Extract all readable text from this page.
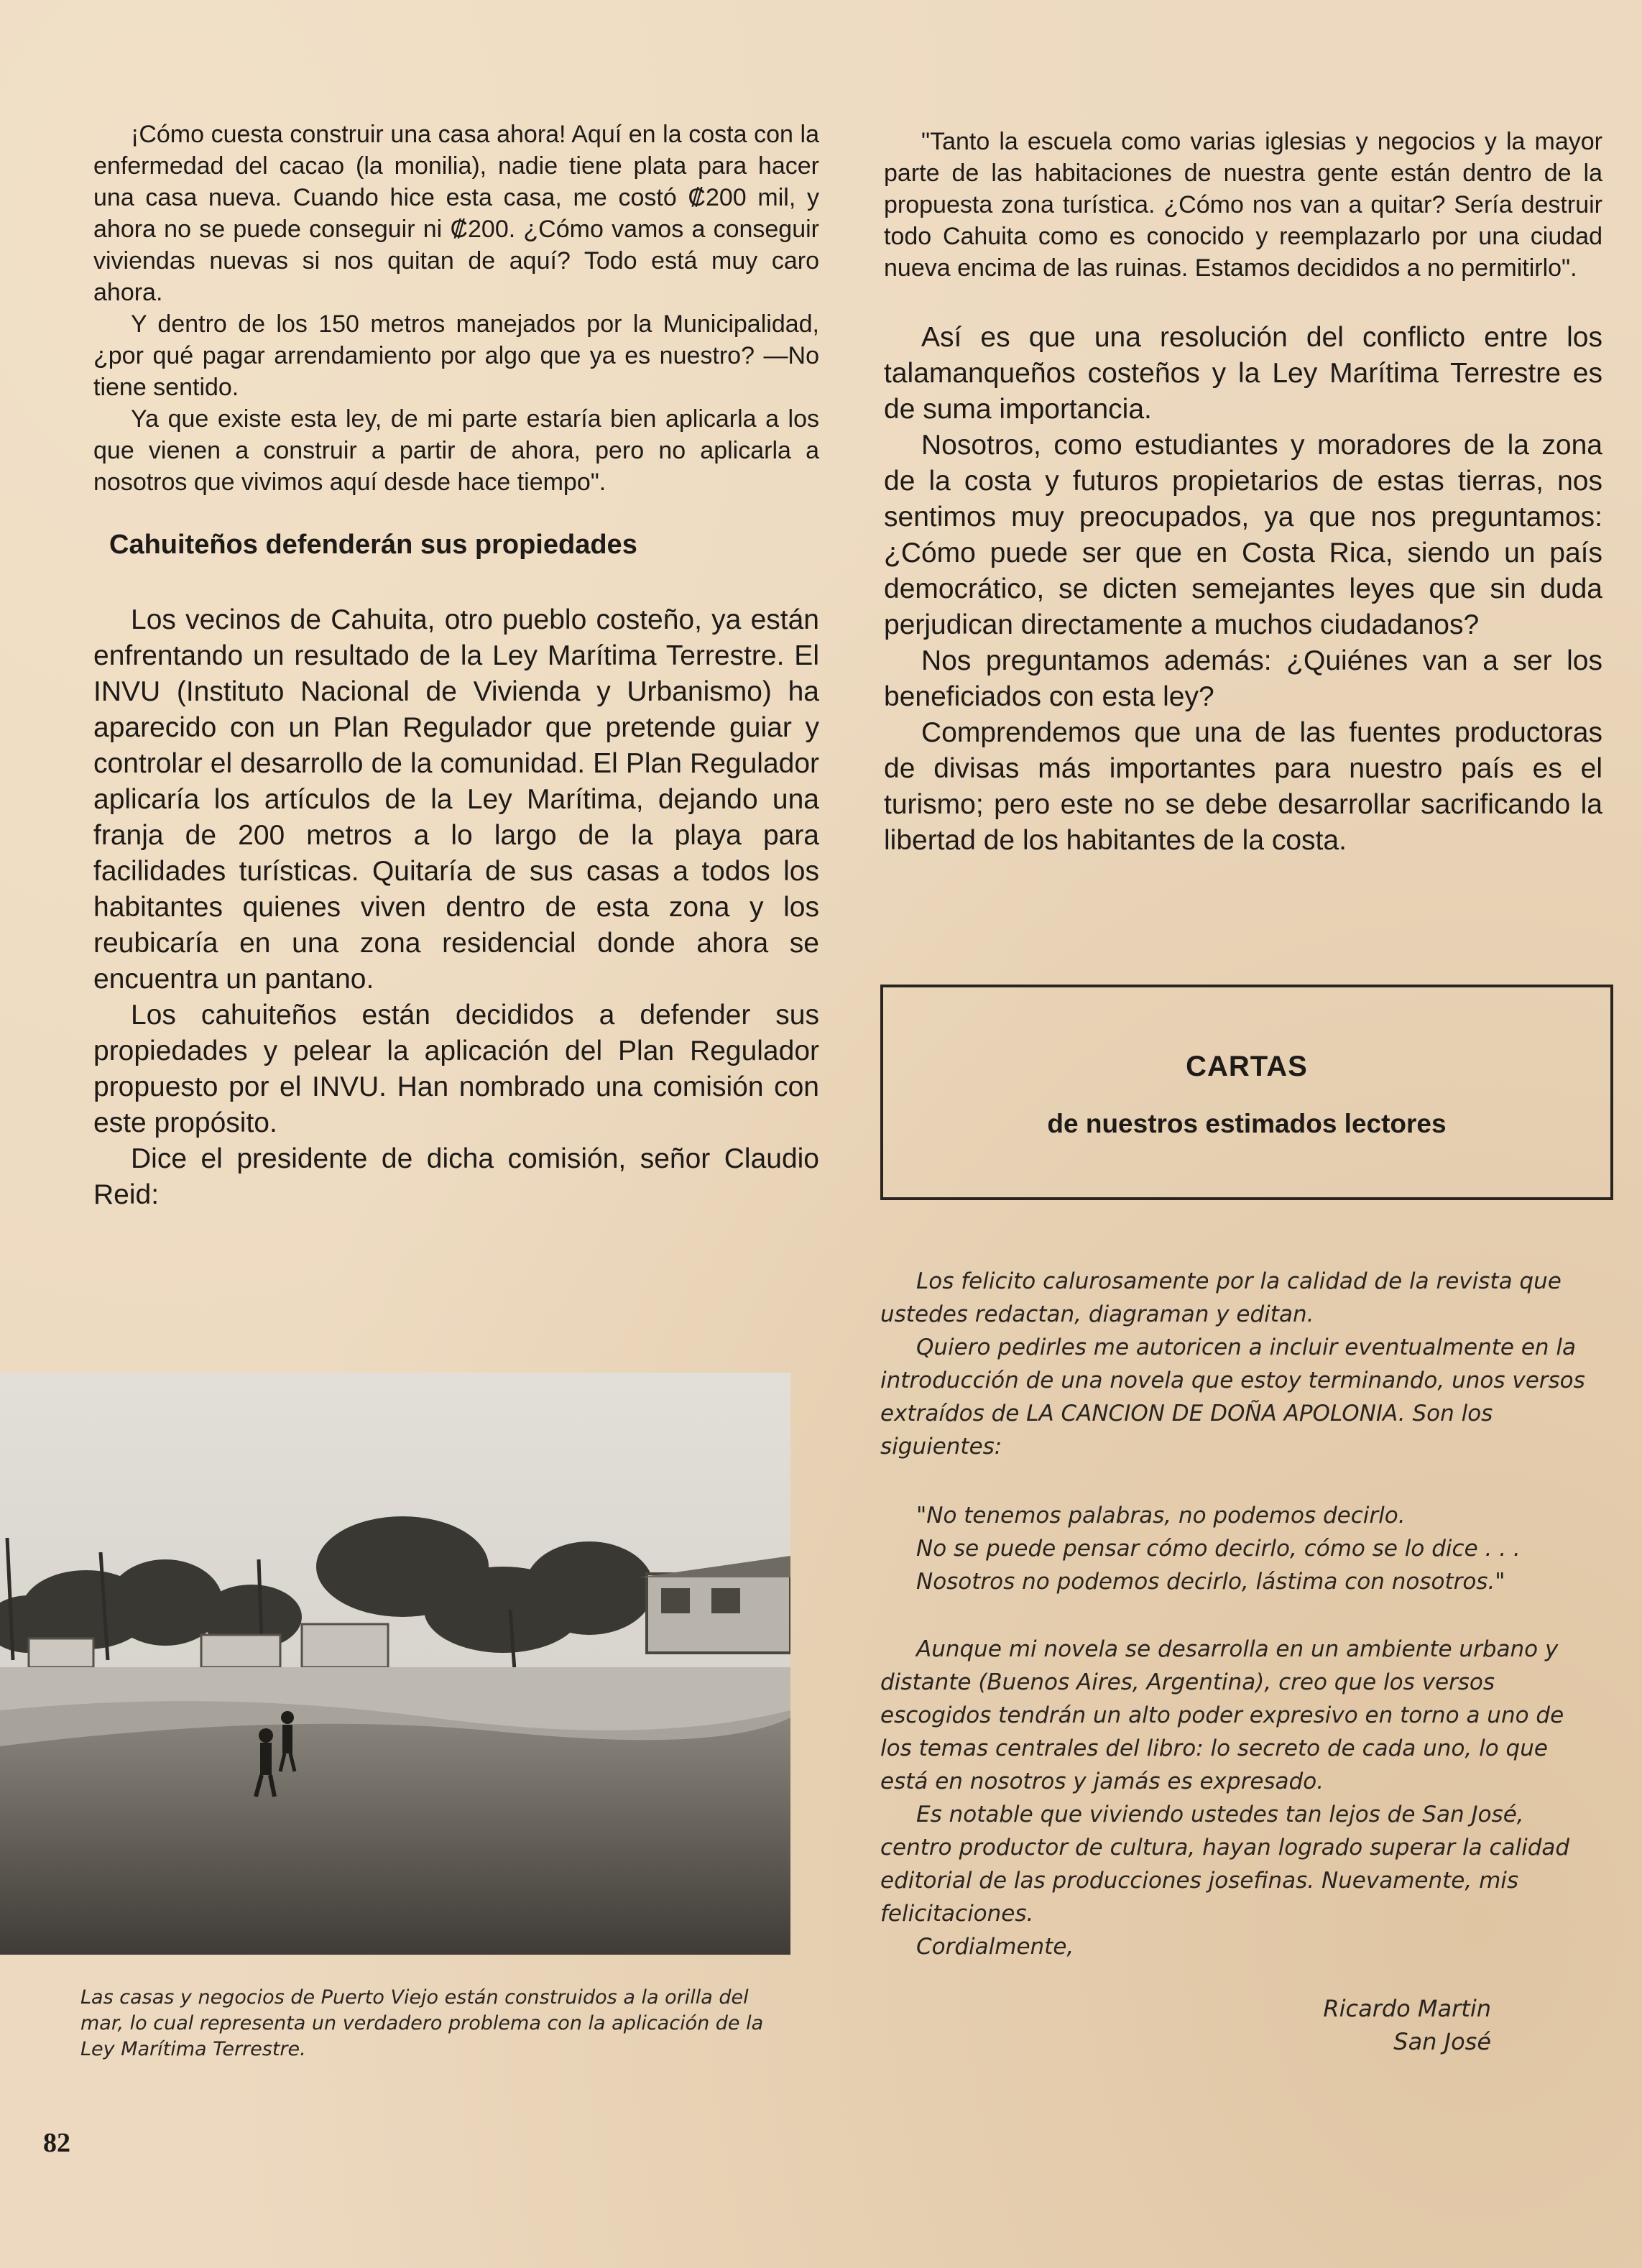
¡Cómo cuesta construir una casa ahora! Aquí en la costa con la enfermedad del cacao (la monilia), nadie tiene plata para hacer una casa nueva. Cuando hice esta casa, me costó ₡200 mil, y ahora no se puede conseguir ni ₡200. ¿Cómo vamos a conseguir viviendas nuevas si nos quitan de aquí? Todo está muy caro ahora.

Y dentro de los 150 metros manejados por la Municipalidad, ¿por qué pagar arrendamiento por algo que ya es nuestro? —No tiene sentido.

Ya que existe esta ley, de mi parte estaría bien aplicarla a los que vienen a construir a partir de ahora, pero no aplicarla a nosotros que vivimos aquí desde hace tiempo".

Cahuiteños defenderán sus propiedades

Los vecinos de Cahuita, otro pueblo costeño, ya están enfrentando un resultado de la Ley Marítima Terrestre. El INVU (Instituto Nacional de Vivienda y Urbanismo) ha aparecido con un Plan Regulador que pretende guiar y controlar el desarrollo de la comunidad. El Plan Regulador aplicaría los artículos de la Ley Marítima, dejando una franja de 200 metros a lo largo de la playa para facilidades turísticas. Quitaría de sus casas a todos los habitantes quienes viven dentro de esta zona y los reubicaría en una zona residencial donde ahora se encuentra un pantano.

Los cahuiteños están decididos a defender sus propiedades y pelear la aplicación del Plan Regulador propuesto por el INVU. Han nombrado una comisión con este propósito.

Dice el presidente de dicha comisión, señor Claudio Reid:

Las casas y negocios de Puerto Viejo están construidos a la orilla del mar, lo cual representa un verdadero problema con la aplicación de la Ley Marítima Terrestre.

82

"Tanto la escuela como varias iglesias y negocios y la mayor parte de las habitaciones de nuestra gente están dentro de la propuesta zona turística. ¿Cómo nos van a quitar? Sería destruir todo Cahuita como es conocido y reemplazarlo por una ciudad nueva encima de las ruinas. Estamos decididos a no permitirlo".

Así es que una resolución del conflicto entre los talamanqueños costeños y la Ley Marítima Terrestre es de suma importancia.

Nosotros, como estudiantes y moradores de la zona de la costa y futuros propietarios de estas tierras, nos sentimos muy preocupados, ya que nos preguntamos: ¿Cómo puede ser que en Costa Rica, siendo un país democrático, se dicten semejantes leyes que sin duda perjudican directamente a muchos ciudadanos?

Nos preguntamos además: ¿Quiénes van a ser los beneficiados con esta ley?

Comprendemos que una de las fuentes productoras de divisas más importantes para nuestro país es el turismo; pero este no se debe desarrollar sacrificando la libertad de los habitantes de la costa.

CARTAS
de nuestros estimados lectores

Los felicito calurosamente por la calidad de la revista que ustedes redactan, diagraman y editan.

Quiero pedirles me autoricen a incluir eventualmente en la introducción de una novela que estoy terminando, unos versos extraídos de LA CANCION DE DOÑA APOLONIA. Son los siguientes:

"No tenemos palabras, no podemos decirlo.

No se puede pensar cómo decirlo, cómo se lo dice . . .

Nosotros no podemos decirlo, lástima con nosotros."

Aunque mi novela se desarrolla en un ambiente urbano y distante (Buenos Aires, Argentina), creo que los versos escogidos tendrán un alto poder expresivo en torno a uno de los temas centrales del libro: lo secreto de cada uno, lo que está en nosotros y jamás es expresado.

Es notable que viviendo ustedes tan lejos de San José, centro productor de cultura, hayan logrado superar la calidad editorial de las producciones josefinas. Nuevamente, mis felicitaciones.

Cordialmente,

Ricardo Martin
San José
